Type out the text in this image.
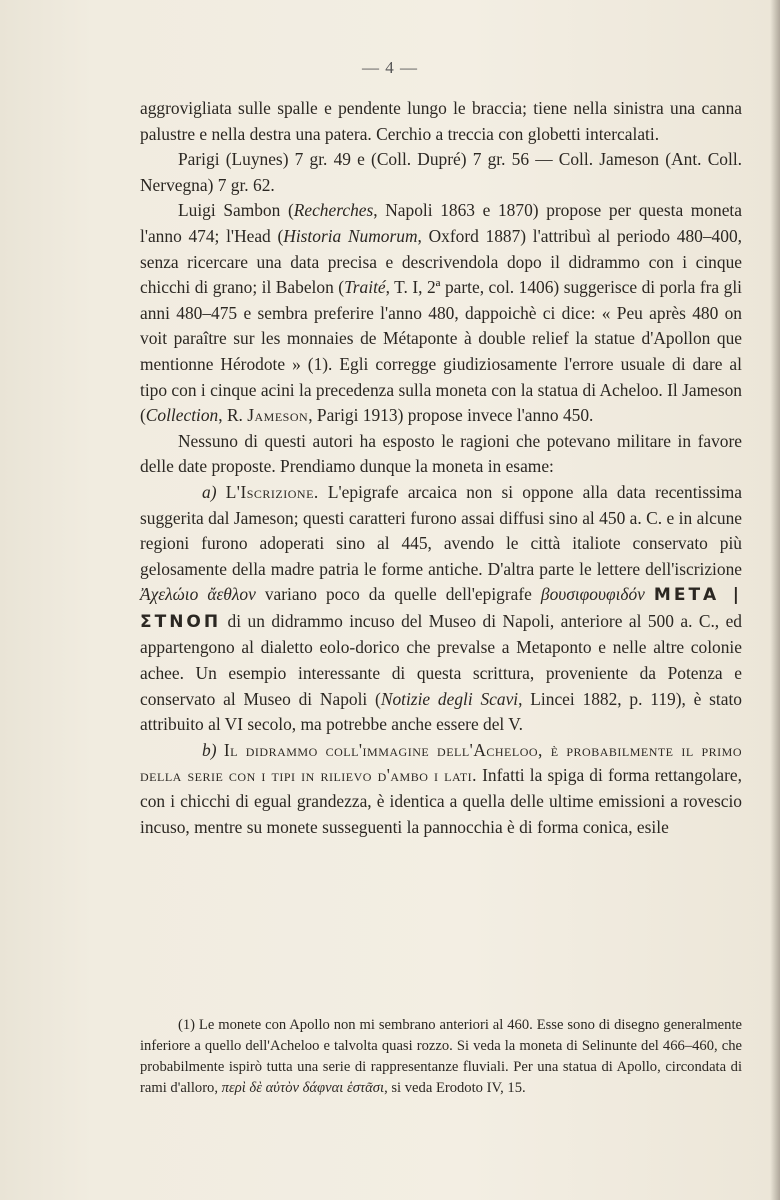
— 4 —

aggrovigliata sulle spalle e pendente lungo le braccia; tiene nella sinistra una canna palustre e nella destra una patera. Cerchio a treccia con globetti intercalati.

Parigi (Luynes) 7 gr. 49 e (Coll. Dupré) 7 gr. 56 — Coll. Jameson (Ant. Coll. Nervegna) 7 gr. 62.

Luigi Sambon (Recherches, Napoli 1863 e 1870) propose per questa moneta l'anno 474; l'Head (Historia Numorum, Oxford 1887) l'attribuì al periodo 480–400, senza ricercare una data precisa e descrivendola dopo il didrammo con i cinque chicchi di grano; il Babelon (Traité, T. I, 2ª parte, col. 1406) suggerisce di porla fra gli anni 480–475 e sembra preferire l'anno 480, dappoichè ci dice: « Peu après 480 on voit paraître sur les monnaies de Métaponte à double relief la statue d'Apollon que mentionne Hérodote » (1). Egli corregge giudiziosamente l'errore usuale di dare al tipo con i cinque acini la precedenza sulla moneta con la statua di Acheloo. Il Jameson (Collection, R. Jameson, Parigi 1913) propose invece l'anno 450.

Nessuno di questi autori ha esposto le ragioni che potevano militare in favore delle date proposte. Prendiamo dunque la moneta in esame:

a) L'Iscrizione. L'epigrafe arcaica non si oppone alla data recentissima suggerita dal Jameson; questi caratteri furono assai diffusi sino al 450 a. C. e in alcune regioni furono adoperati sino al 445, avendo le città italiote conservato più gelosamente della madre patria le forme antiche. D'altra parte le lettere dell'iscrizione Ἀχελώιο ἄεθλον variano poco da quelle dell'epigrafe βουσιφουφιδόν ΜΕΤΑ | ΣΤΝΟΠ di un didrammo incuso del Museo di Napoli, anteriore al 500 a. C., ed appartengono al dialetto eolo-dorico che prevalse a Metaponto e nelle altre colonie achee. Un esempio interessante di questa scrittura, proveniente da Potenza e conservato al Museo di Napoli (Notizie degli Scavi, Lincei 1882, p. 119), è stato attribuito al VI secolo, ma potrebbe anche essere del V.

b) Il didrammo coll'immagine dell'Acheloo, è probabilmente il primo della serie con i tipi in rilievo d'ambo i lati. Infatti la spiga di forma rettangolare, con i chicchi di egual grandezza, è identica a quella delle ultime emissioni a rovescio incuso, mentre su monete susseguenti la pannocchia è di forma conica, esile

(1) Le monete con Apollo non mi sembrano anteriori al 460. Esse sono di disegno generalmente inferiore a quello dell'Acheloo e talvolta quasi rozzo. Si veda la moneta di Selinunte del 466–460, che probabilmente ispirò tutta una serie di rappresentanze fluviali. Per una statua di Apollo, circondata di rami d'alloro, περὶ δὲ αὐτὸν δάφναι ἑστᾶσι, si veda Erodoto IV, 15.
